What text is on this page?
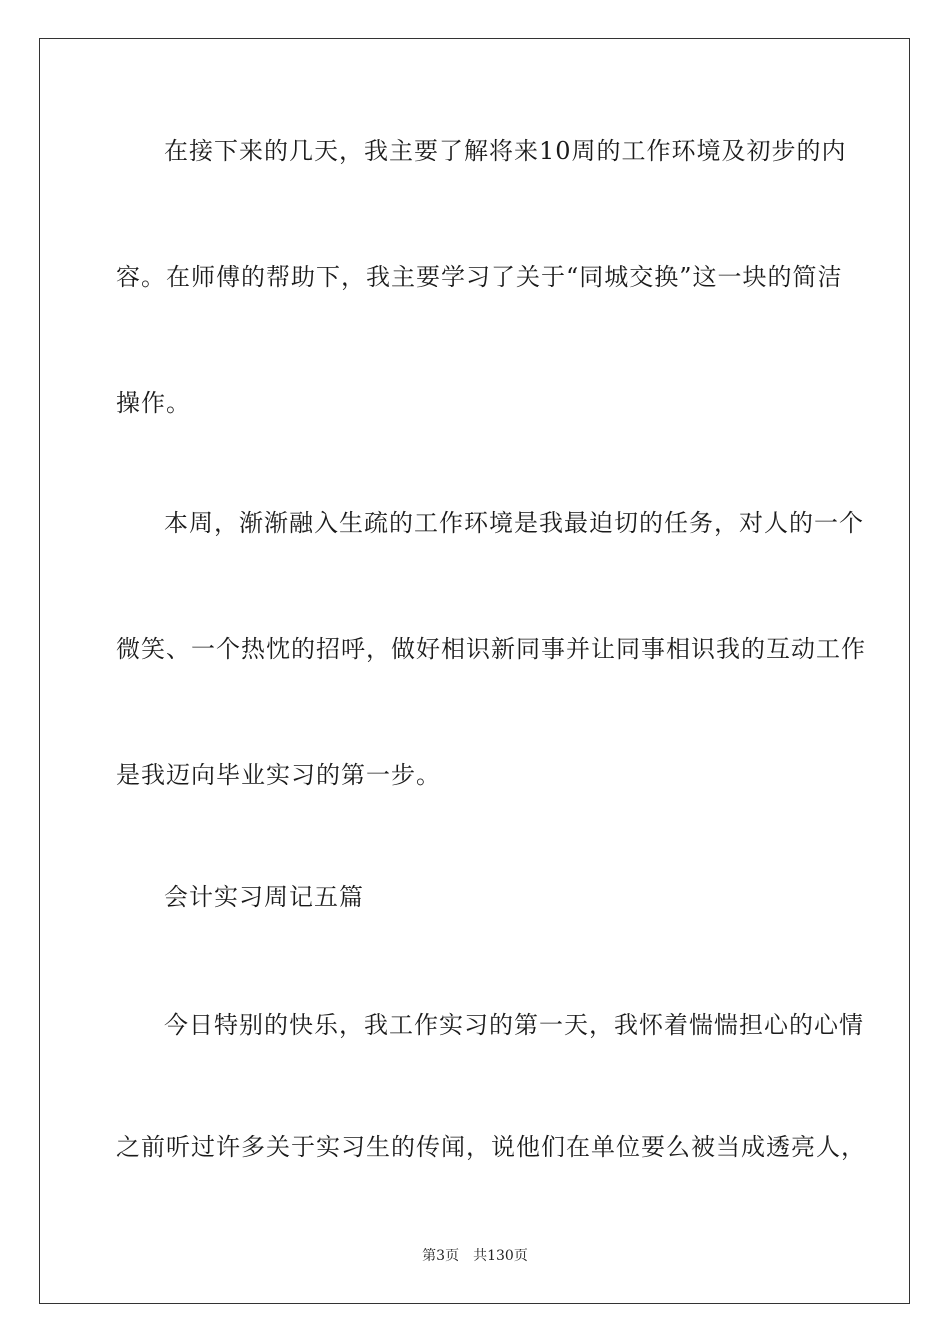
在接下来的几天，我主要了解将来10周的工作环境及初步的内
容。在师傅的帮助下，我主要学习了关于“同城交换”这一块的简洁
操作。
本周，渐渐融入生疏的工作环境是我最迫切的任务，对人的一个
微笑、一个热忱的招呼，做好相识新同事并让同事相识我的互动工作
是我迈向毕业实习的第一步。
会计实习周记五篇
今日特别的快乐，我工作实习的第一天，我怀着惴惴担心的心情
之前听过许多关于实习生的传闻，说他们在单位要么被当成透亮人，
第3页 共130页
